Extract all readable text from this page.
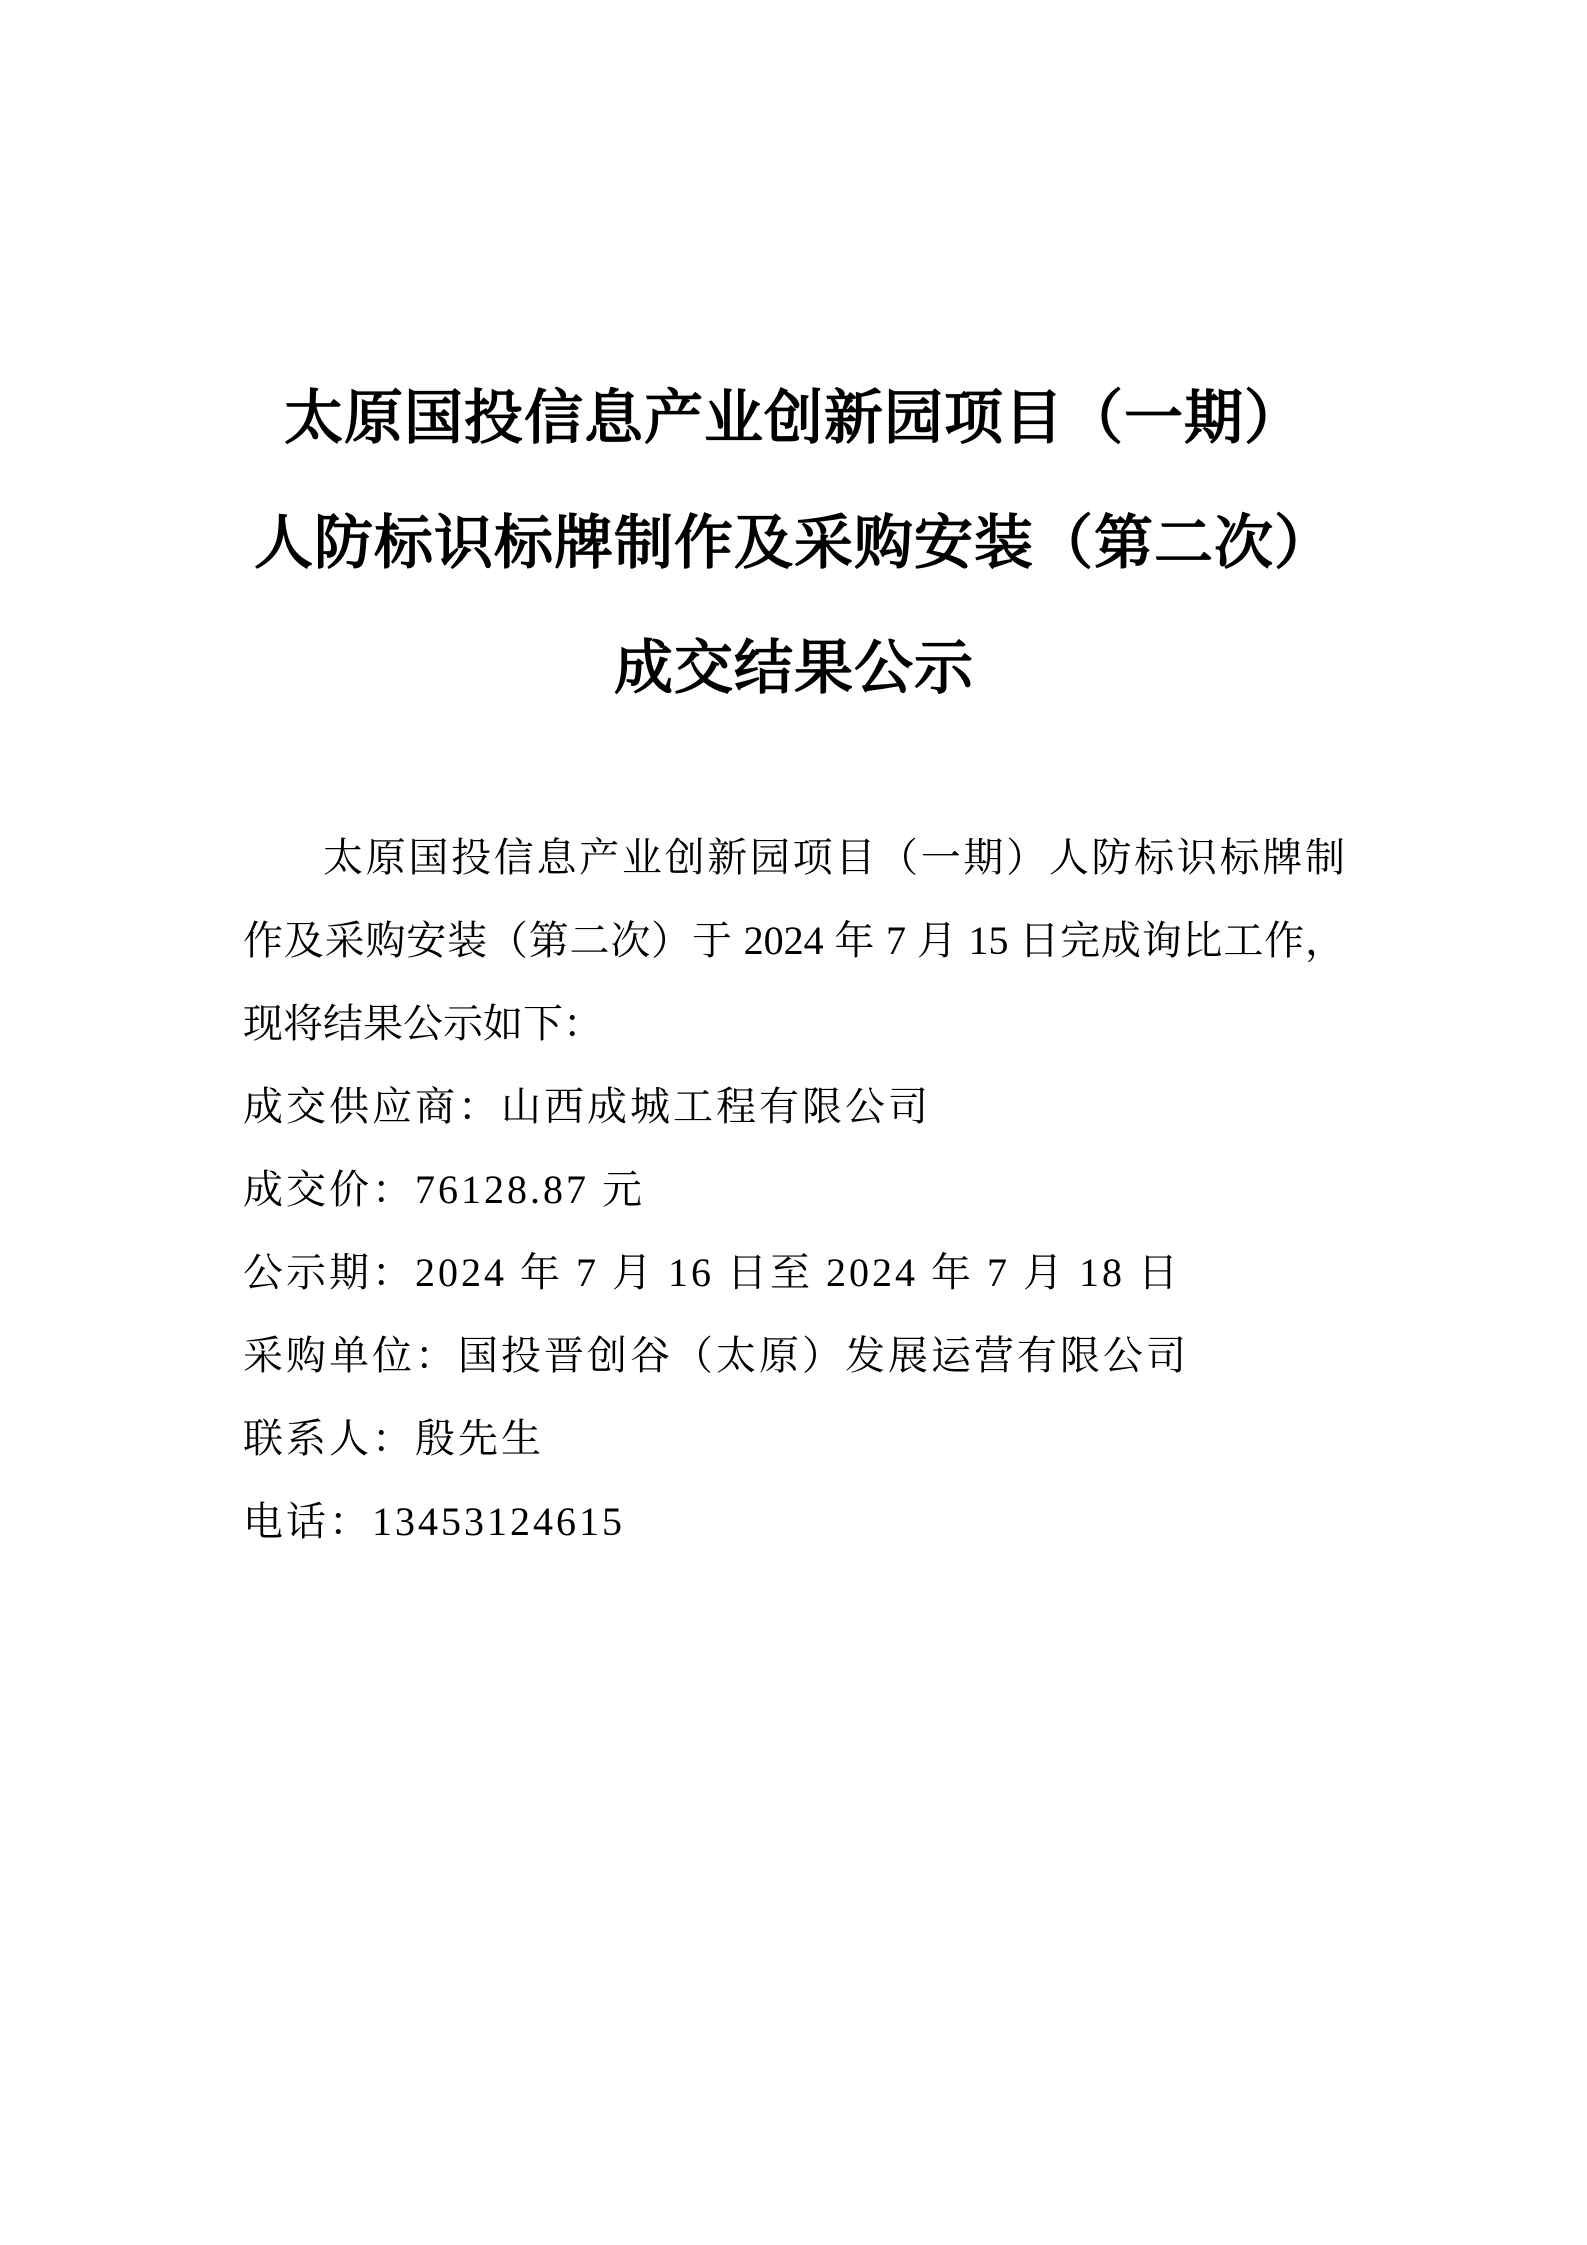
太原国投信息产业创新园项目（一期）
人防标识标牌制作及采购安装（第二次）
成交结果公示
太原国投信息产业创新园项目（一期）人防标识标牌制
作及采购安装（第二次）于 2024 年 7 月 15 日完成询比工作，
现将结果公示如下：
成交供应商：山西成城工程有限公司
成交价：76128.87 元
公示期：2024 年 7 月 16 日至 2024 年 7 月 18 日
采购单位：国投晋创谷（太原）发展运营有限公司
联系人：殷先生
电话：13453124615
